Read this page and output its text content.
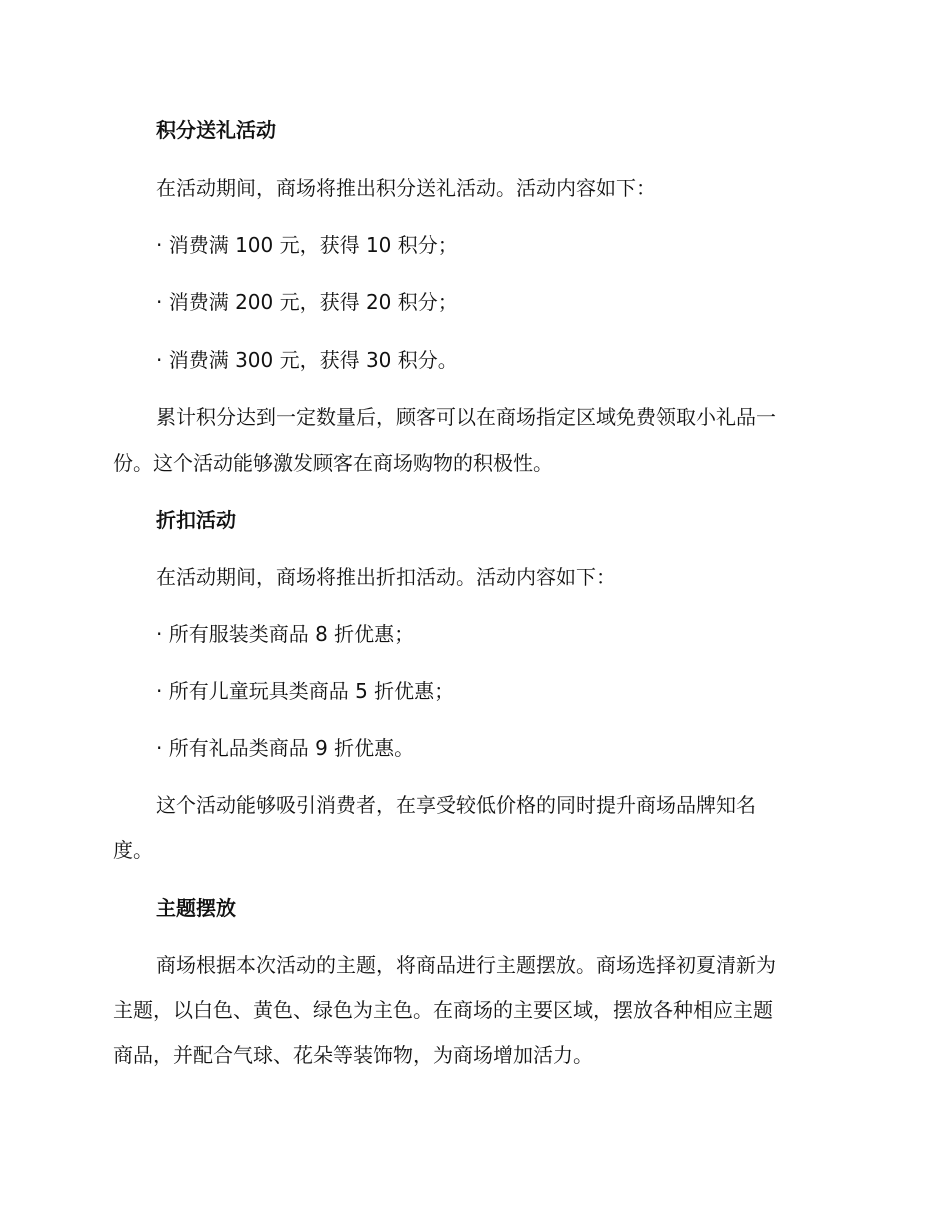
积分送礼活动

在活动期间，商场将推出积分送礼活动。活动内容如下：

· 消费满 100 元，获得 10 积分；

· 消费满 200 元，获得 20 积分；

· 消费满 300 元，获得 30 积分。

累计积分达到一定数量后，顾客可以在商场指定区域免费领取小礼品一

份。这个活动能够激发顾客在商场购物的积极性。

折扣活动

在活动期间，商场将推出折扣活动。活动内容如下：

· 所有服装类商品 8 折优惠；

· 所有儿童玩具类商品 5 折优惠；

· 所有礼品类商品 9 折优惠。

这个活动能够吸引消费者，在享受较低价格的同时提升商场品牌知名

度。

主题摆放

商场根据本次活动的主题，将商品进行主题摆放。商场选择初夏清新为

主题，以白色、黄色、绿色为主色。在商场的主要区域，摆放各种相应主题

商品，并配合气球、花朵等装饰物，为商场增加活力。
